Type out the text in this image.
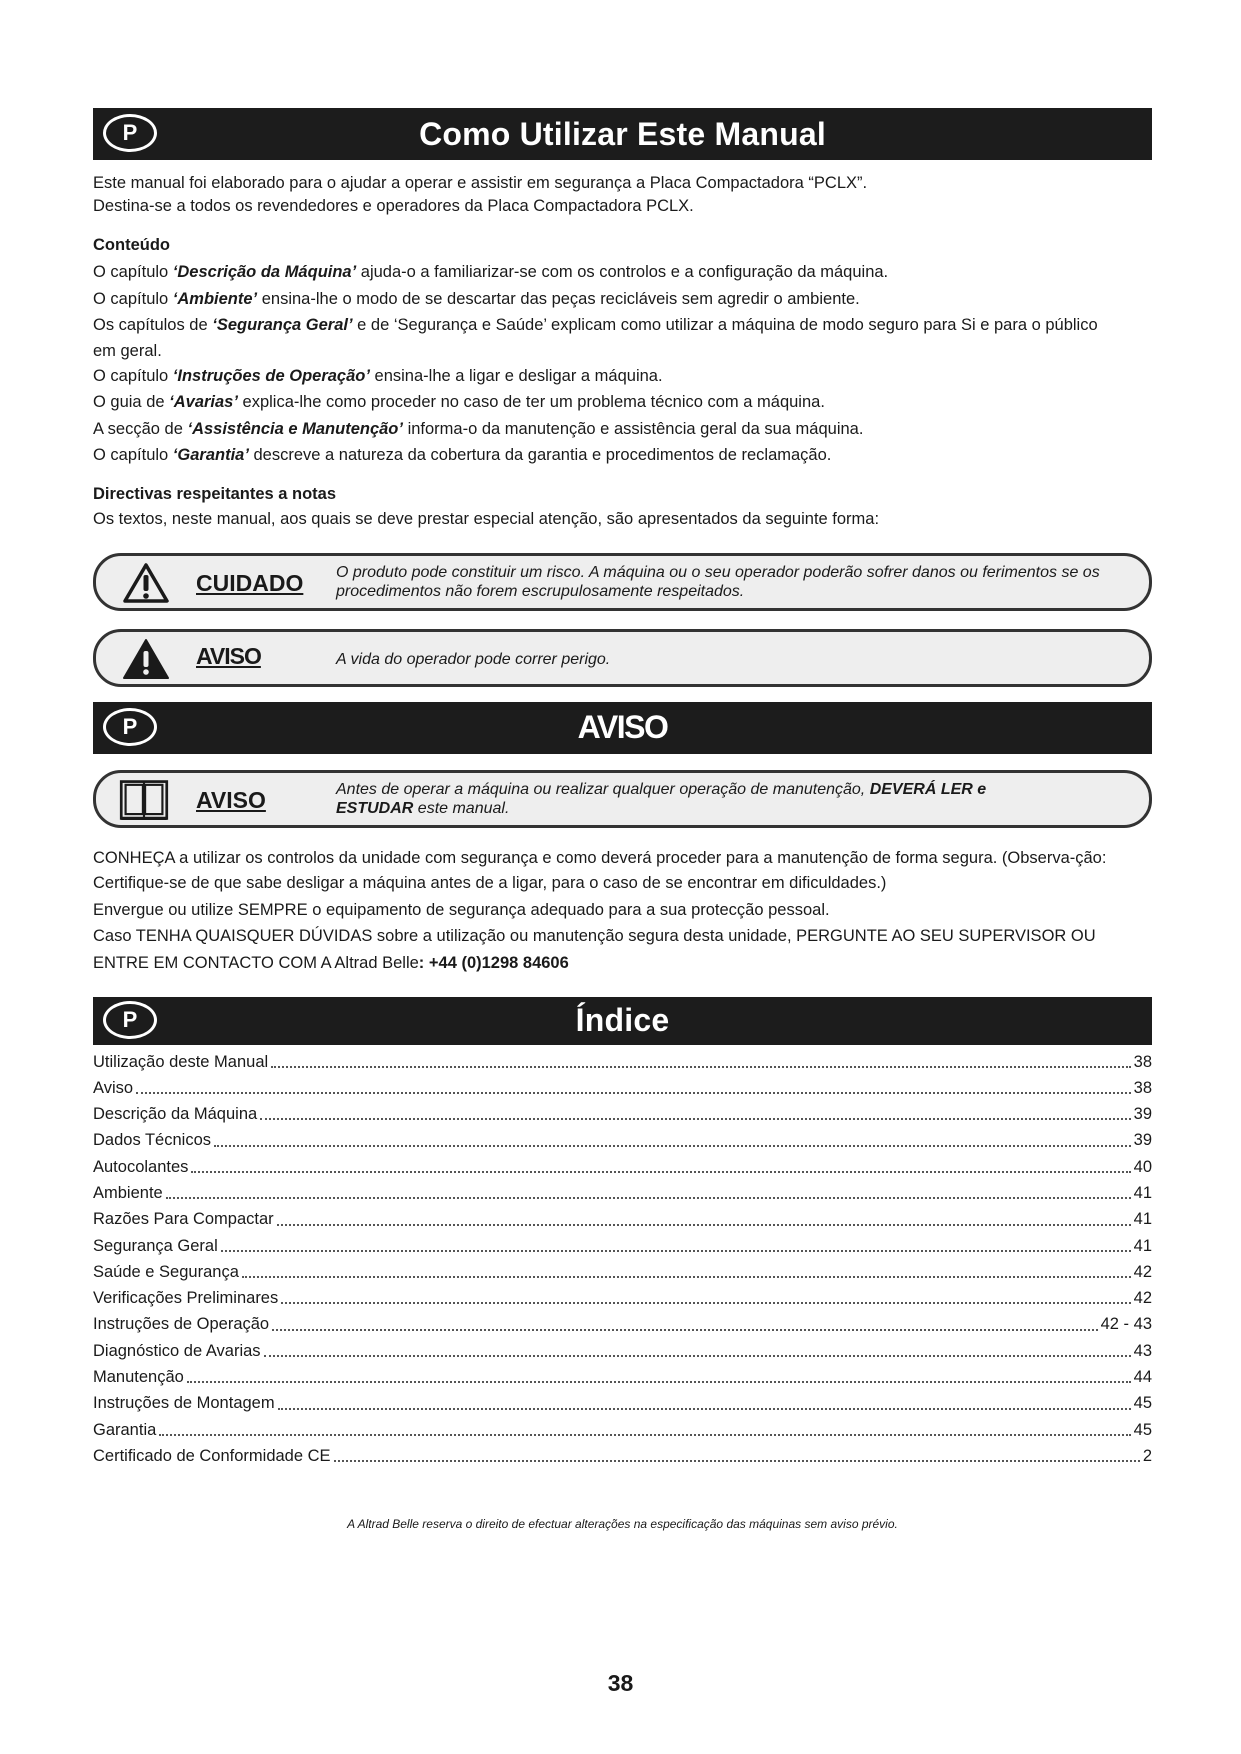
P	Como Utilizar Este Manual

Este manual foi elaborado para o ajudar a operar e assistir em segurança a Placa Compactadora “PCLX”.

Destina-se a todos os revendedores e operadores da Placa Compactadora PCLX.

Conteúdo

O capítulo ‘Descrição da Máquina’ ajuda-o a familiarizar-se com os controlos e a configuração da máquina.

O capítulo ‘Ambiente’ ensina-lhe o modo de se descartar das peças recicláveis sem agredir o ambiente.

Os capítulos de ‘Segurança Geral’ e de ‘Segurança e Saúde’ explicam como utilizar a máquina de modo seguro para Si e para o público

em geral.

O capítulo ‘Instruções de Operação’ ensina-lhe a ligar e desligar a máquina.

O guia de ‘Avarias’ explica-lhe como proceder no caso de ter um problema técnico com a máquina.

A secção de ‘Assistência e Manutenção’ informa-o da manutenção e assistência geral da sua máquina.

O capítulo ‘Garantia’ descreve a natureza da cobertura da garantia e procedimentos de reclamação.

Directivas respeitantes a notas

Os textos, neste manual, aos quais se deve prestar especial atenção, são apresentados da seguinte forma:

CUIDADO O produto pode constituir um risco. A máquina ou o seu operador poderão sofrer danos ou ferimentos se os procedimentos não forem escrupulosamente respeitados.
AVISO	A vida do operador pode correr perigo.
P	AVISO
AVISO	Antes de operar a máquina ou realizar qualquer operação de manutenção, DEVERÁ LER e
ESTUDAR este manual.

CONHEÇA a utilizar os controlos da unidade com segurança e como deverá proceder para a manutenção de forma segura. (Observa-ção: Certifique-se de que sabe desligar a máquina antes de a ligar, para o caso de se encontrar em dificuldades.)

Envergue ou utilize SEMPRE o equipamento de segurança adequado para a sua protecção pessoal.

Caso TENHA QUAISQUER DÚVIDAS sobre a utilização ou manutenção segura desta unidade, PERGUNTE AO SEU SUPERVISOR OU ENTRE EM CONTACTO COM A Altrad Belle: +44 (0)1298 84606

P	Índice
Utilização deste Manual	38
Aviso	38
Descrição da Máquina	39
Dados Técnicos	39
Autocolantes	40
Ambiente	41
Razões Para Compactar	41
Segurança Geral	41
Saúde e Segurança	42
Verificações Preliminares	42
Instruções de Operação	42 - 43
Diagnóstico de Avarias	43
Manutenção	44
Instruções de Montagem	45
Garantia	45
Certificado de Conformidade CE	2
A Altrad Belle reserva o direito de efectuar alterações na especificação das máquinas sem aviso prévio.
38
